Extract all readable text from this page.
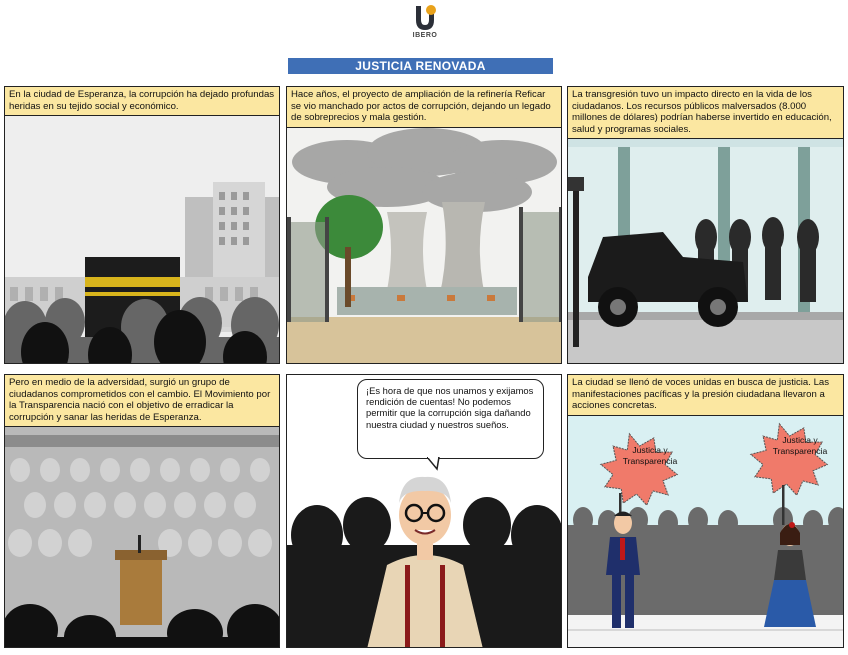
IBERO
JUSTICIA RENOVADA
En la ciudad de Esperanza, la corrupción ha dejado profundas heridas en su tejido social y económico.
Hace años, el proyecto de ampliación de la refinería Reficar se vio manchado por actos de corrupción, dejando un legado de sobreprecios y mala gestión.
La transgresión tuvo un impacto directo en la vida de los ciudadanos. Los recursos públicos malversados (8.000 millones de dólares) podrían haberse invertido en educación, salud y programas sociales.
Pero en medio de la adversidad, surgió un grupo de ciudadanos comprometidos con el cambio. El Movimiento por la Transparencia nació con el objetivo de erradicar la corrupción y sanar las heridas de Esperanza.
¡Es hora de que nos unamos y exijamos rendición de cuentas! No podemos permitir que la corrupción siga dañando nuestra ciudad y nuestros sueños.
La ciudad se llenó de voces unidas en busca de justicia. Las manifestaciones pacíficas y la presión ciudadana llevaron a acciones concretas.
Justicia y Transparencia
Justicia y Transparencia
